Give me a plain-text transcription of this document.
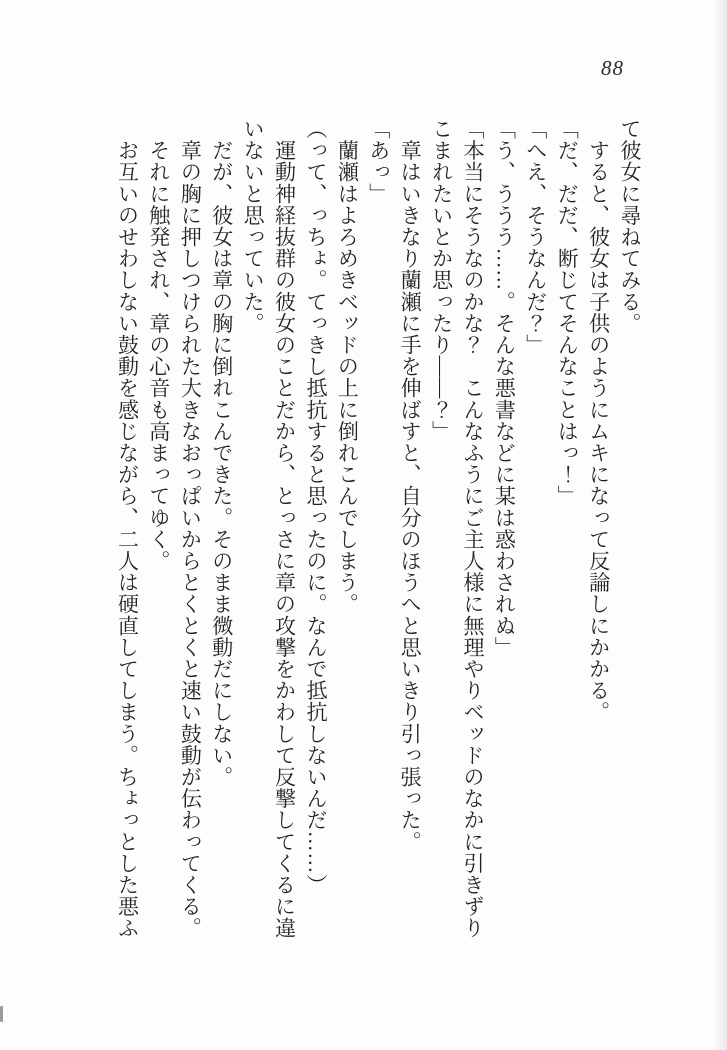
88

て彼女に尋ねてみる。

　すると、彼女は子供のようにムキになって反論しにかかる。

「だ、だだ、断じてそんなことはっ！」

「へえ、そうなんだ？」

「う、ううう……。そんな悪書などに某は惑わされぬ」

「本当にそうなのかな？　こんなふうにご主人様に無理やりベッドのなかに引きずり

こまれたいとか思ったり――？」

　章はいきなり蘭瀬に手を伸ばすと、自分のほうへと思いきり引っ張った。

「あっ」

　蘭瀬はよろめきベッドの上に倒れこんでしまう。

（って、っちょ。てっきし抵抗すると思ったのに。なんで抵抗しないんだ……）

　運動神経抜群の彼女のことだから、とっさに章の攻撃をかわして反撃してくるに違

いないと思っていた。

　だが、彼女は章の胸に倒れこんできた。そのまま微動だにしない。

　章の胸に押しつけられた大きなおっぱいからとくとくと速い鼓動が伝わってくる。

　それに触発され、章の心音も高まってゆく。

　お互いのせわしない鼓動を感じながら、二人は硬直してしまう。ちょっとした悪ふ
